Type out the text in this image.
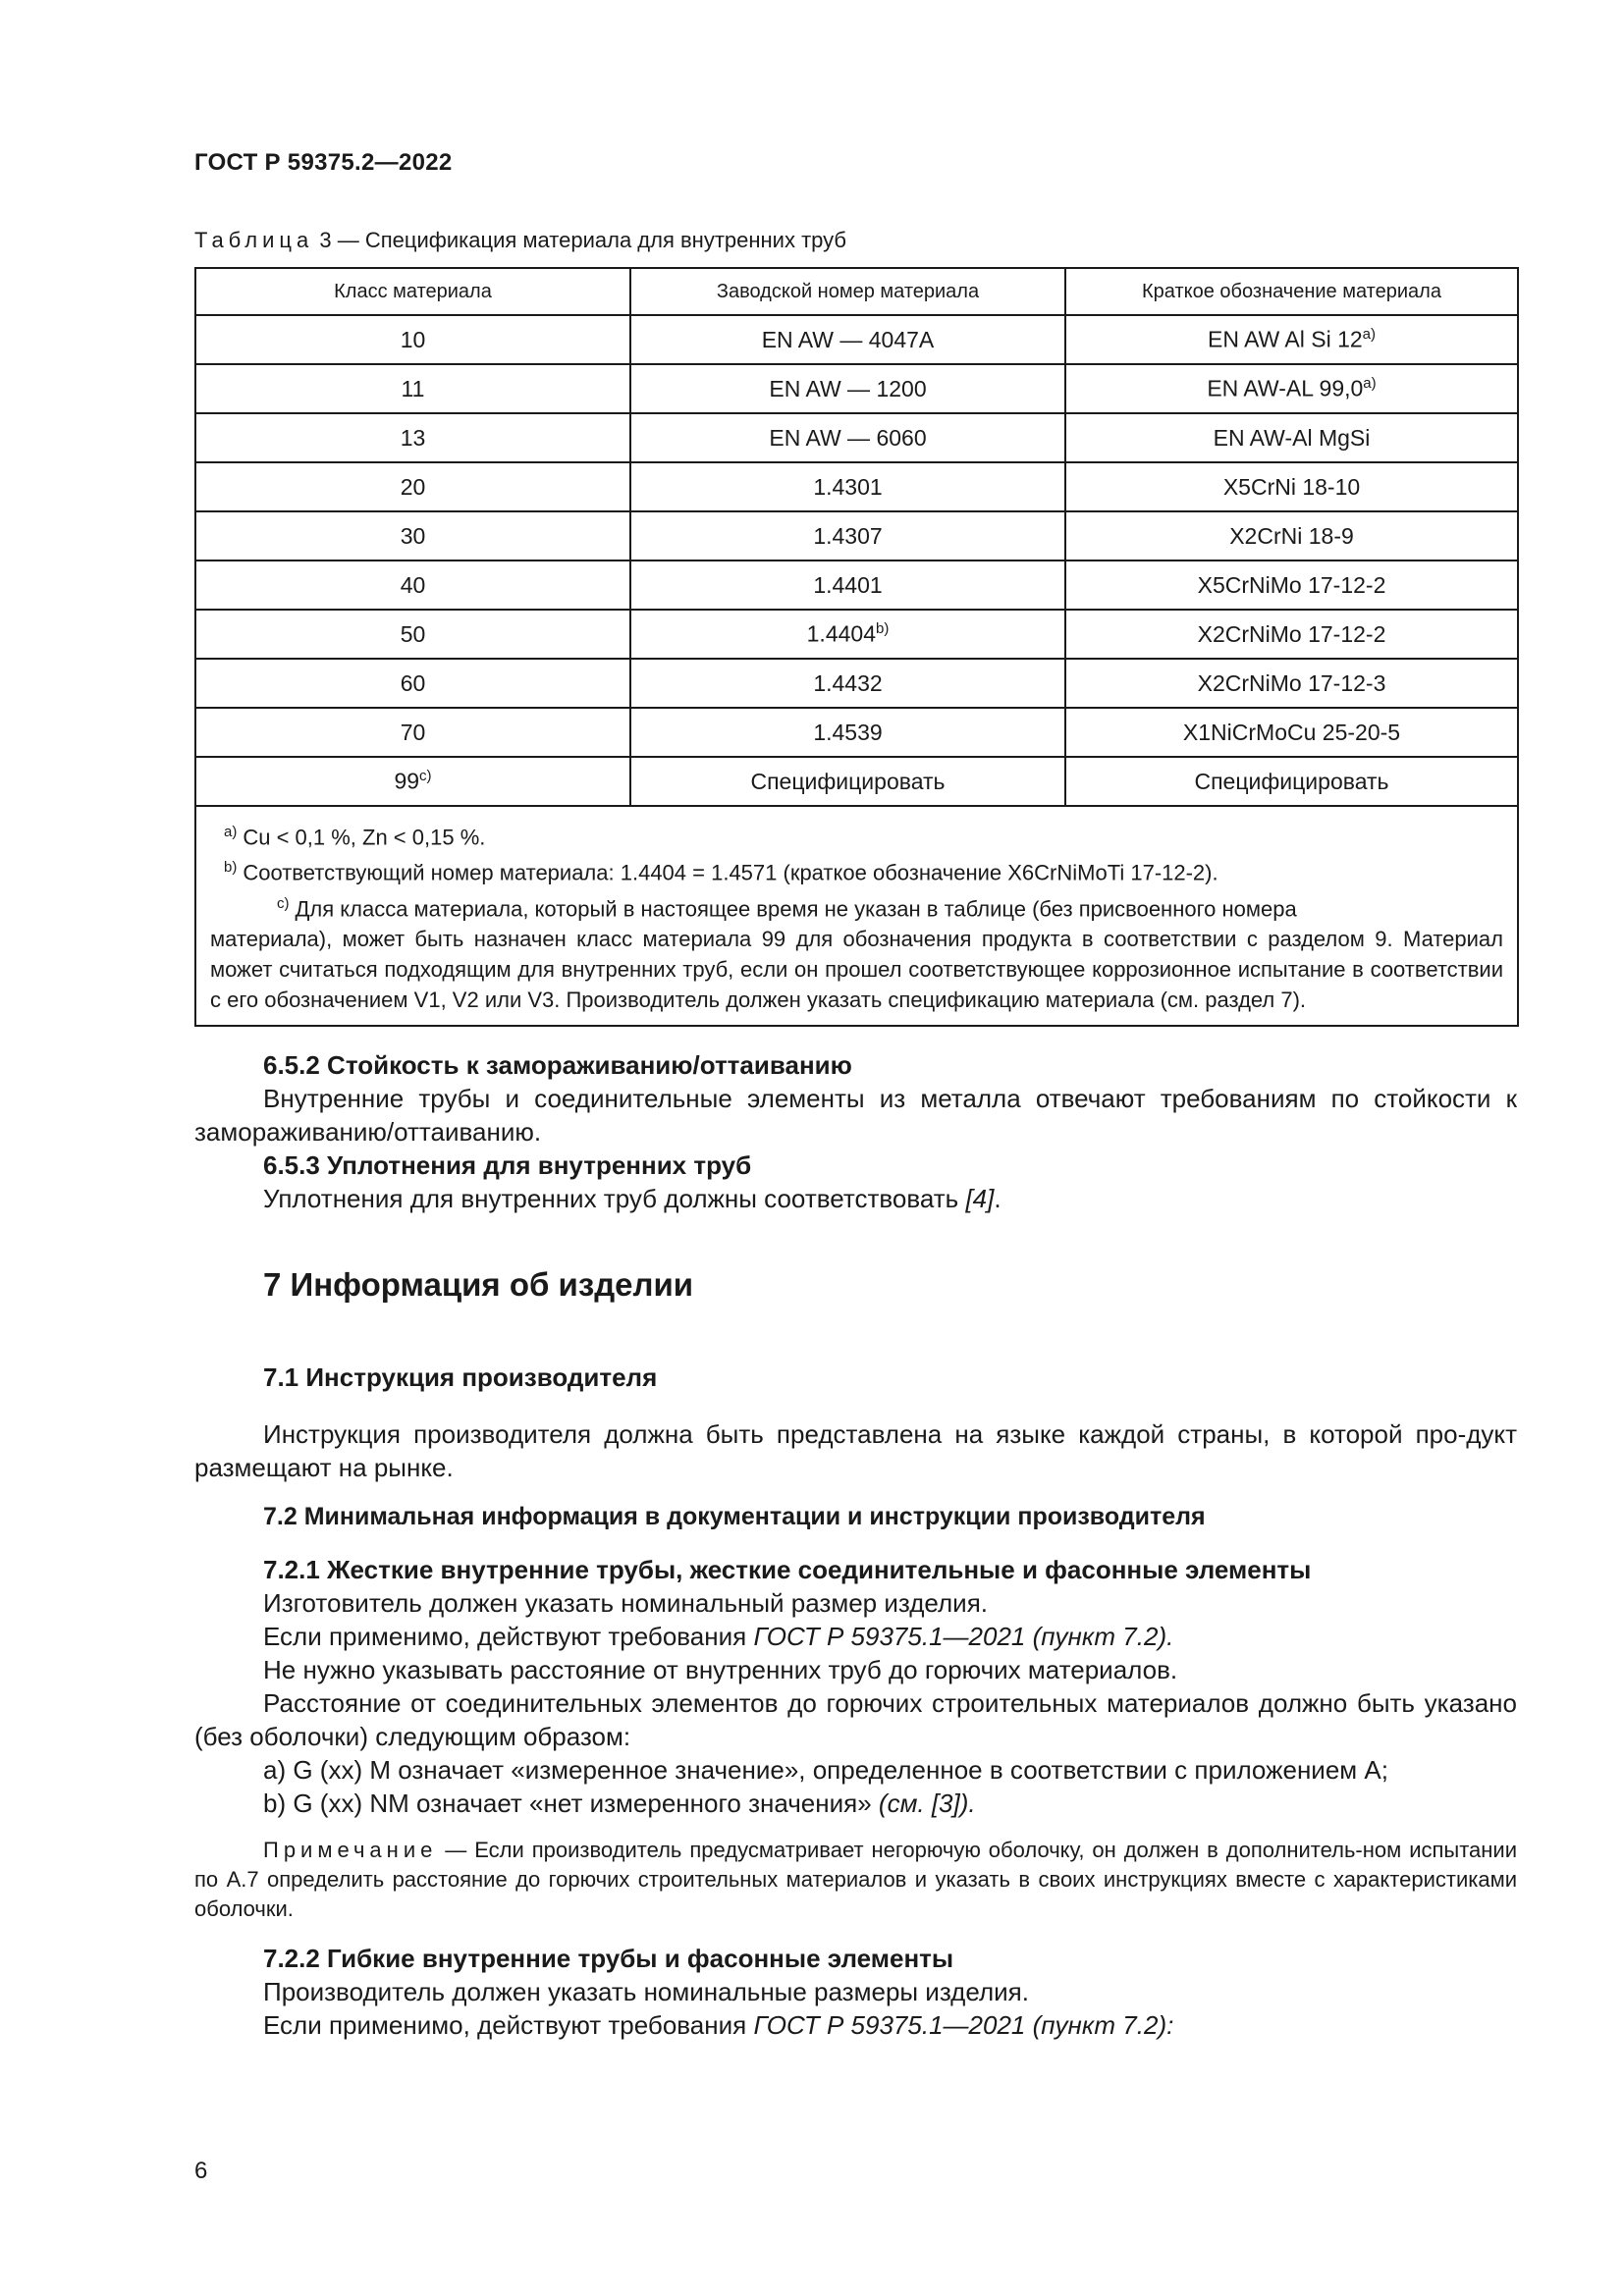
ГОСТ Р 59375.2—2022
Таблица 3 — Спецификация материала для внутренних труб
Класс материала	Заводской номер материала	Краткое обозначение материала
10	EN AW — 4047A	EN AW Al Si 12$^{a)}$
11	EN AW — 1200	EN AW-AL 99,0$^{a)}$
13	EN AW — 6060	EN AW-Al MgSi
20	1.4301	X5CrNi 18-10
30	1.4307	X2CrNi 18-9
40	1.4401	X5CrNiMo 17-12-2
50	1.4404$^{b)}$	X2CrNiMo 17-12-2
60	1.4432	X2CrNiMo 17-12-3
70	1.4539	X1NiCrMoCu 25-20-5
99$^{c)}$	Специфицировать	Специфицировать

$^{a)}$ Cu < 0,1 %, Zn < 0,15 %.
$^{b)}$ Соответствующий номер материала: 1.4404 = 1.4571 (краткое обозначение X6CrNiMoTi 17-12-2).
$^{c)}$ Для класса материала, который в настоящее время не указан в таблице (без присвоенного номера
материала), может быть назначен класс материала 99 для обозначения продукта в соответствии с разделом 9. Материал может считаться подходящим для внутренних труб, если он прошел соответствующее коррозионное испытание в соответствии с его обозначением V1, V2 или V3. Производитель должен указать спецификацию материала (см. раздел 7).		

6.5.2 Стойкость к замораживанию/оттаиванию

Внутренние трубы и соединительные элементы из металла отвечают требованиям по стойкости к замораживанию/оттаиванию.

6.5.3 Уплотнения для внутренних труб

Уплотнения для внутренних труб должны соответствовать [4].

7 Информация об изделии

7.1 Инструкция производителя

Инструкция производителя должна быть представлена на языке каждой страны, в которой про-дукт размещают на рынке.

7.2 Минимальная информация в документации и инструкции производителя

7.2.1 Жесткие внутренние трубы, жесткие соединительные и фасонные элементы

Изготовитель должен указать номинальный размер изделия.

Если применимо, действуют требования ГОСТ Р 59375.1—2021 (пункт 7.2).

Не нужно указывать расстояние от внутренних труб до горючих материалов.

Расстояние от соединительных элементов до горючих строительных материалов должно быть указано (без оболочки) следующим образом:

a) G (xx) M означает «измеренное значение», определенное в соответствии с приложением А;

b) G (xx) NM означает «нет измеренного значения» (см. [3]).

Примечание — Если производитель предусматривает негорючую оболочку, он должен в дополнитель-ном испытании по А.7 определить расстояние до горючих строительных материалов и указать в своих инструкциях вместе с характеристиками оболочки.

7.2.2 Гибкие внутренние трубы и фасонные элементы

Производитель должен указать номинальные размеры изделия.

Если применимо, действуют требования ГОСТ Р 59375.1—2021 (пункт 7.2):

6
